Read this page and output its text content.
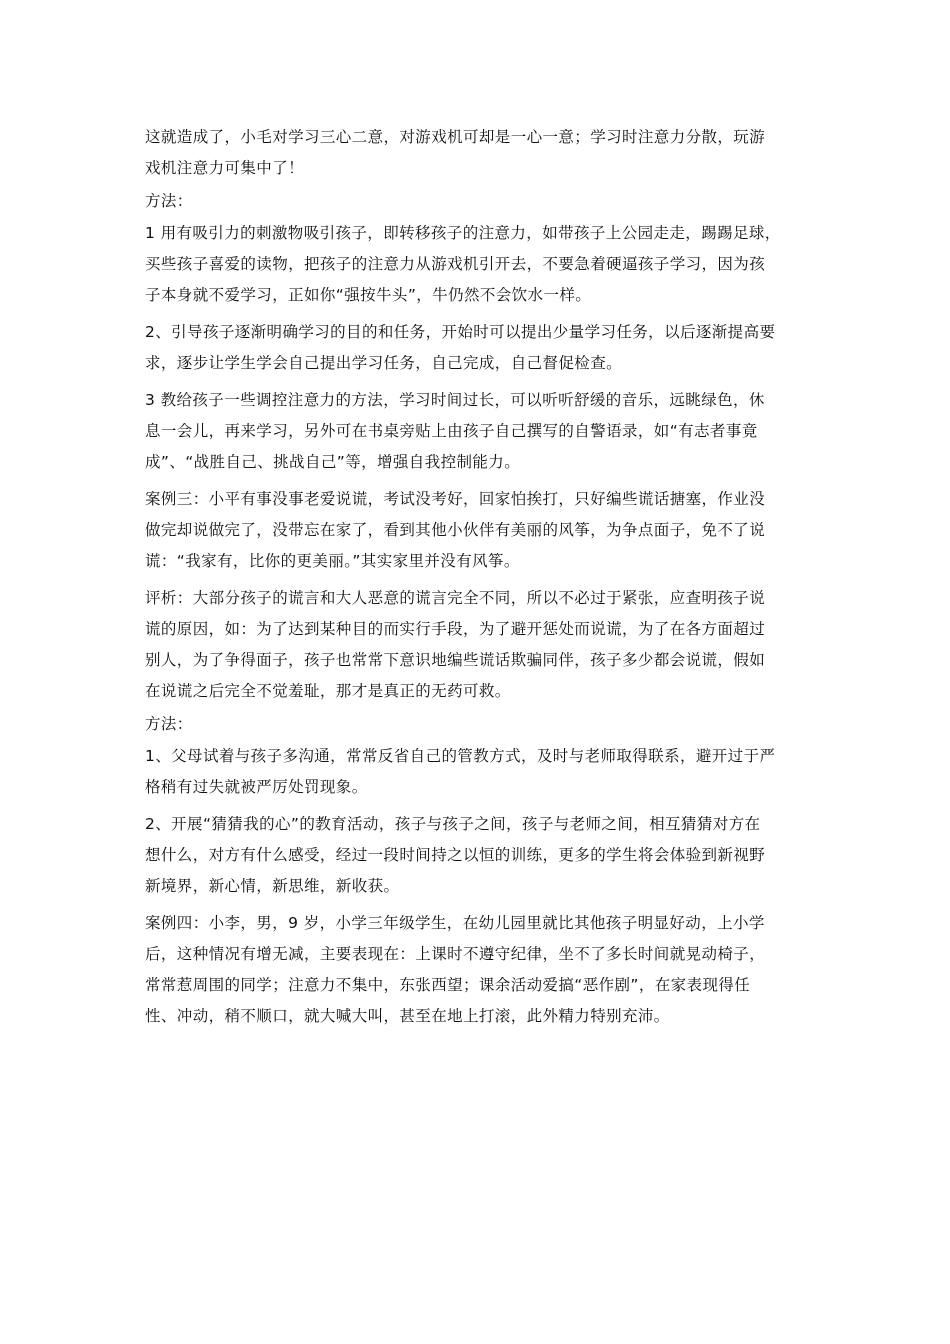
这就造成了，小毛对学习三心二意，对游戏机可却是一心一意；学习时注意力分散，玩游
戏机注意力可集中了！

方法：

1 用有吸引力的刺激物吸引孩子，即转移孩子的注意力，如带孩子上公园走走，踢踢足球，
买些孩子喜爱的读物，把孩子的注意力从游戏机引开去，不要急着硬逼孩子学习，因为孩
子本身就不爱学习，正如你“强按牛头”，牛仍然不会饮水一样。

2、引导孩子逐渐明确学习的目的和任务，开始时可以提出少量学习任务，以后逐渐提高要
求，逐步让学生学会自己提出学习任务，自己完成，自己督促检查。

3 教给孩子一些调控注意力的方法，学习时间过长，可以听听舒缓的音乐，远眺绿色，休
息一会儿，再来学习，另外可在书桌旁贴上由孩子自己撰写的自警语录，如“有志者事竟
成”、“战胜自己、挑战自己”等，增强自我控制能力。

案例三：小平有事没事老爱说谎，考试没考好，回家怕挨打，只好编些谎话搪塞，作业没
做完却说做完了，没带忘在家了，看到其他小伙伴有美丽的风筝，为争点面子，免不了说
谎：“我家有，比你的更美丽。”其实家里并没有风筝。

评析：大部分孩子的谎言和大人恶意的谎言完全不同，所以不必过于紧张，应查明孩子说
谎的原因，如：为了达到某种目的而实行手段，为了避开惩处而说谎，为了在各方面超过
别人，为了争得面子，孩子也常常下意识地编些谎话欺骗同伴，孩子多少都会说谎，假如
在说谎之后完全不觉羞耻，那才是真正的无药可救。

方法：

1、父母试着与孩子多沟通，常常反省自己的管教方式，及时与老师取得联系，避开过于严
格稍有过失就被严厉处罚现象。

2、开展“猜猜我的心”的教育活动，孩子与孩子之间，孩子与老师之间，相互猜猜对方在
想什么，对方有什么感受，经过一段时间持之以恒的训练，更多的学生将会体验到新视野
新境界，新心情，新思维，新收获。

案例四：小李，男，9 岁，小学三年级学生，在幼儿园里就比其他孩子明显好动，上小学
后，这种情况有增无减，主要表现在：上课时不遵守纪律，坐不了多长时间就晃动椅子，
常常惹周围的同学；注意力不集中，东张西望；课余活动爱搞“恶作剧”，在家表现得任
性、冲动，稍不顺口，就大喊大叫，甚至在地上打滚，此外精力特别充沛。
